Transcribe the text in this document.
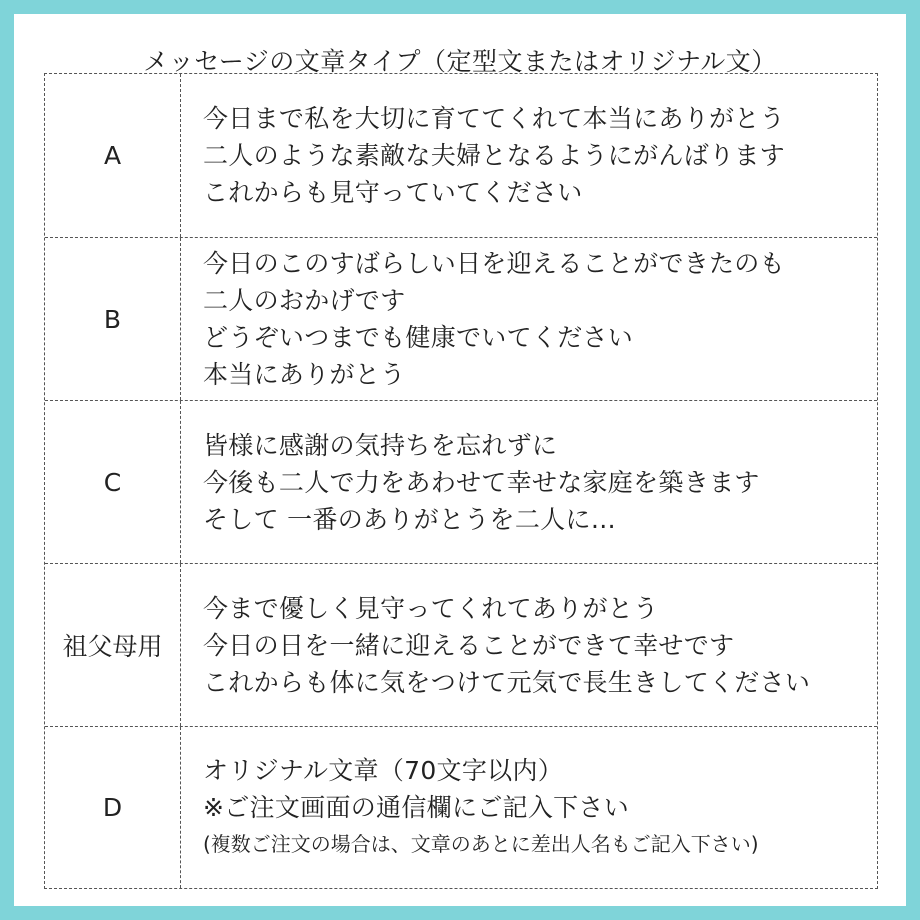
メッセージの文章タイプ（定型文またはオリジナル文）
A
今日まで私を大切に育ててくれて本当にありがとう
二人のような素敵な夫婦となるようにがんばります
これからも見守っていてください
B
今日のこのすばらしい日を迎えることができたのも
二人のおかげです
どうぞいつまでも健康でいてください
本当にありがとう
C
皆様に感謝の気持ちを忘れずに
今後も二人で力をあわせて幸せな家庭を築きます
そして 一番のありがとうを二人に…
祖父母用
今まで優しく見守ってくれてありがとう
今日の日を一緒に迎えることができて幸せです
これからも体に気をつけて元気で長生きしてください
D
オリジナル文章（70文字以内）
※ご注文画面の通信欄にご記入下さい
(複数ご注文の場合は、文章のあとに差出人名もご記入下さい)
